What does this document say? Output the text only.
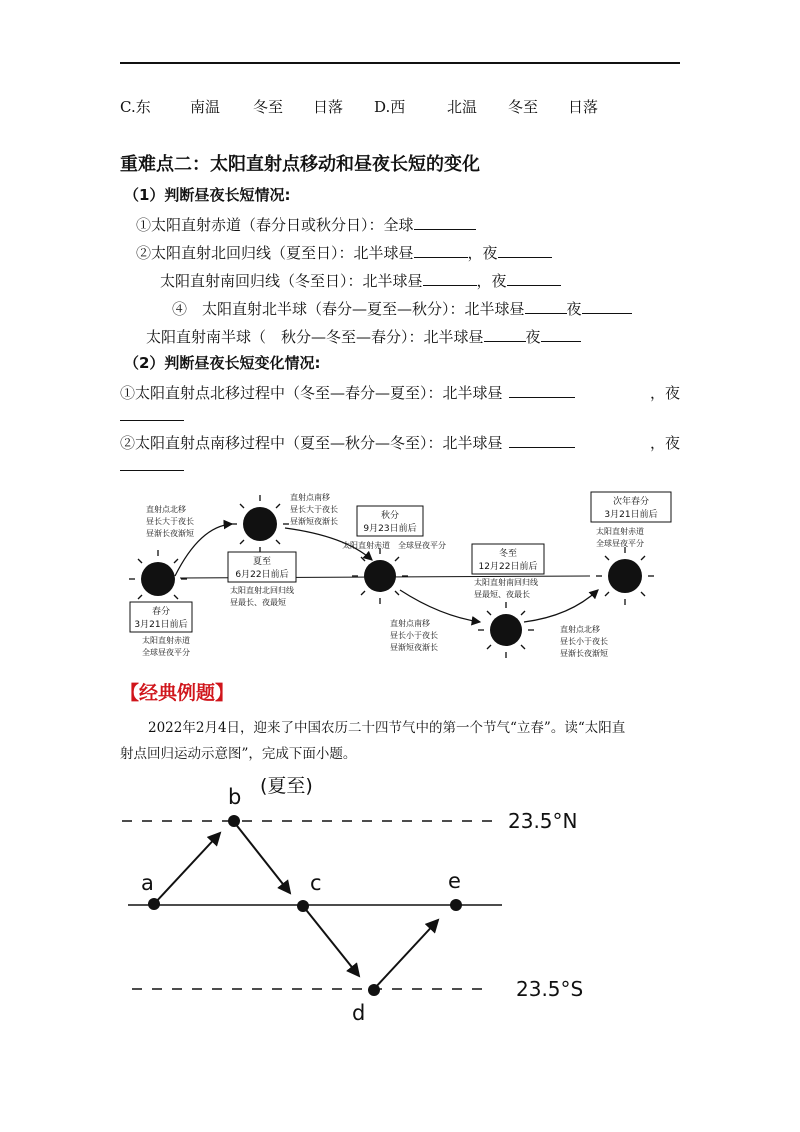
C.东	南温 冬至 日落 D.西	北温 冬至 日落
重难点二：太阳直射点移动和昼夜长短的变化
（1）判断昼夜长短情况:
①太阳直射赤道（春分日或秋分日）：全球
②太阳直射北回归线（夏至日）：北半球昼	，夜
太阳直射南回归线（冬至日）：北半球昼	，夜
④　太阳直射北半球（春分—夏至—秋分）：北半球昼	夜
太阳直射南半球（　秋分—冬至—春分）：北半球昼	夜
（2）判断昼夜长短变化情况:
①太阳直射点北移过程中（冬至—春分—夏至）：北半球昼	，夜
②太阳直射点南移过程中（夏至—秋分—冬至）：北半球昼	，夜
春分
3月21日前后
夏至
6月22日前后
秋分
9月23日前后
冬至
12月22日前后
次年春分
3月21日前后
太阳直射赤道
全球昼夜平分
直射点北移
昼长大于夜长
昼渐长夜渐短
太阳直射北回归线
昼最长、夜最短
直射点南移
昼长大于夜长
昼渐短夜渐长
太阳直射赤道　全球昼夜平分
直射点南移
昼长小于夜长
昼渐短夜渐长
太阳直射南回归线
昼最短、夜最长
直射点北移
昼长小于夜长
昼渐长夜渐短
太阳直射赤道
全球昼夜平分
【经典例题】
2022年2月4日，迎来了中国农历二十四节气中的第一个节气“立春”。读“太阳直
射点回归运动示意图”，完成下面小题。
a
b
c
d
e
(夏至)
23.5°N
23.5°S
